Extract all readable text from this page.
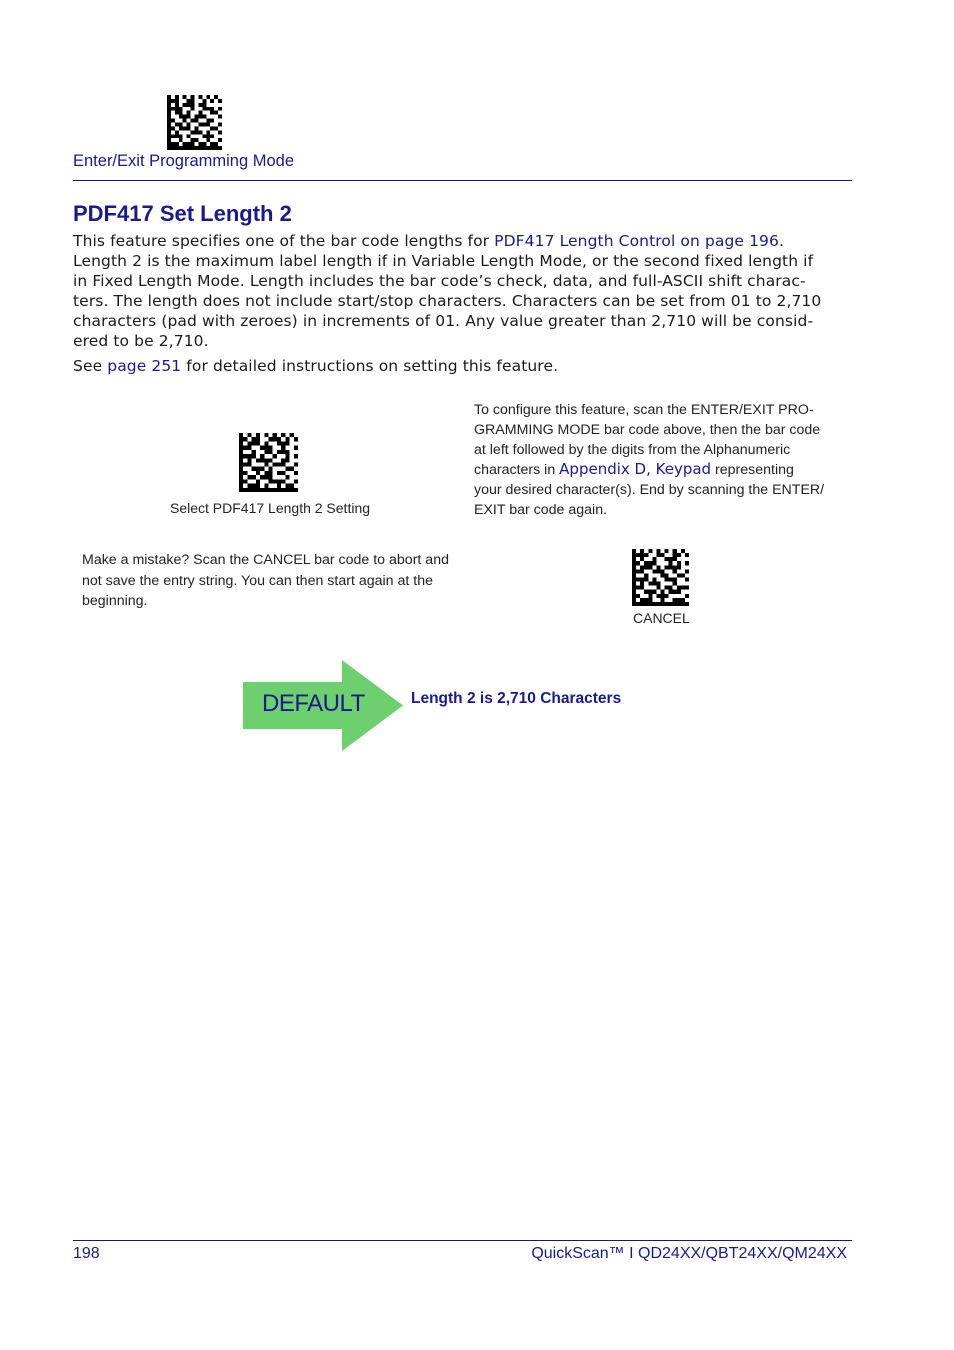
Enter/Exit Programming Mode
PDF417 Set Length 2
This feature specifies one of the bar code lengths for PDF417 Length Control on page 196.
Length 2 is the maximum label length if in Variable Length Mode, or the second fixed length if
in Fixed Length Mode. Length includes the bar code’s check, data, and full-ASCII shift charac-
ters. The length does not include start/stop characters. Characters can be set from 01 to 2,710
characters (pad with zeroes) in increments of 01. Any value greater than 2,710 will be consid-
ered to be 2,710.
See page 251 for detailed instructions on setting this feature.
Select PDF417 Length 2 Setting
To configure this feature, scan the ENTER/EXIT PRO-
GRAMMING MODE bar code above, then the bar code
at left followed by the digits from the Alphanumeric
characters in Appendix D, Keypad representing
your desired character(s). End by scanning the ENTER/
EXIT bar code again.
Make a mistake? Scan the CANCEL bar code to abort and
not save the entry string. You can then start again at the
beginning.
CANCEL
DEFAULT	Length 2 is 2,710 Characters
198	QuickScan™ I QD24XX/QBT24XX/QM24XX
